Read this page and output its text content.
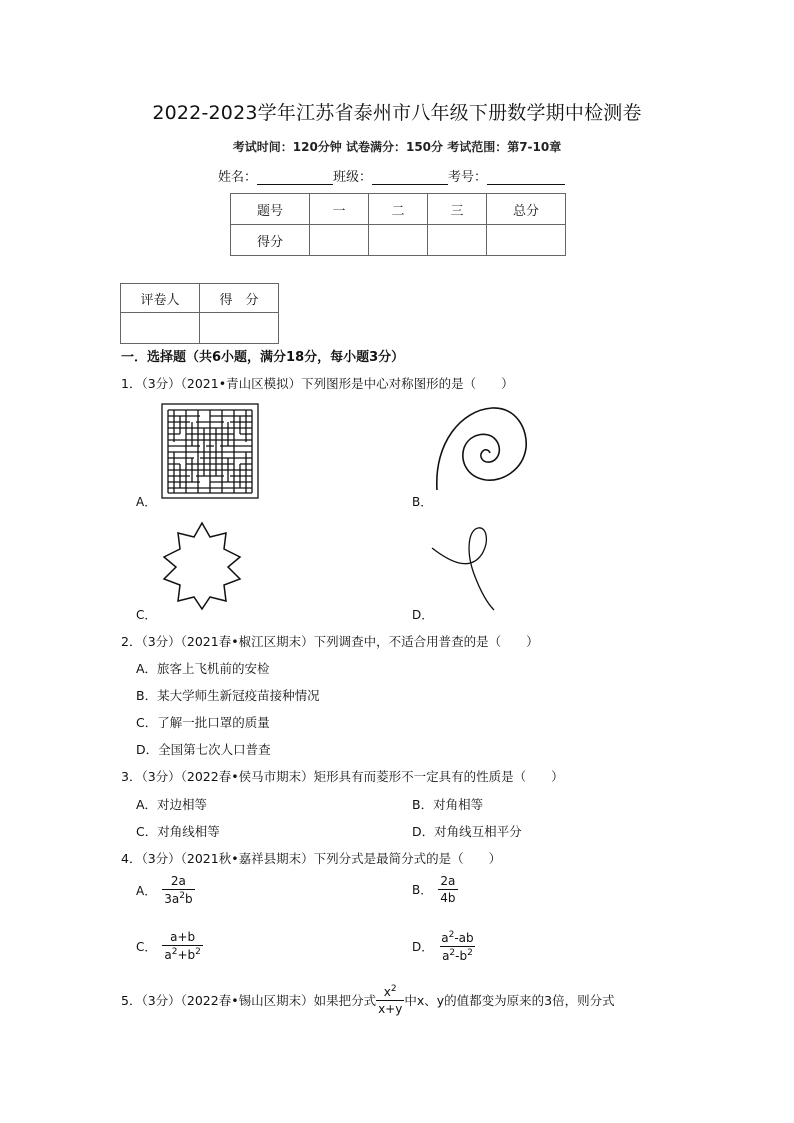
2022-2023学年江苏省泰州市八年级下册数学期中检测卷
考试时间：120分钟 试卷满分：150分 考试范围：第7-10章
姓名：	班级：	考号：
题号	一	二	三	总分
得分				
评卷人	得　分

一．选择题（共6小题，满分18分，每小题3分）
1．（3分）（2021•青山区模拟）下列图形是中心对称图形的是（　　）
A．	B．
C．	D．
2．（3分）（2021春•椒江区期末）下列调查中，不适合用普查的是（　　）
A．旅客上飞机前的安检
B．某大学师生新冠疫苗接种情况
C．了解一批口罩的质量
D．全国第七次人口普查
3．（3分）（2022春•侯马市期末）矩形具有而菱形不一定具有的性质是（　　）
A．对边相等	B．对角相等
C．对角线相等	D．对角线互相平分
4．（3分）（2021秋•嘉祥县期末）下列分式是最简分式的是（　　）
A． $\frac{2a}{3a^2b}$	B． $\frac{2a}{4b}$
C． $\frac{a+b}{a^2+b^2}$	D． $\frac{a^2-ab}{a^2-b^2}$
5．（3分）（2022春•锡山区期末）如果把分式 $\frac{x^2}{x+y}$ 中x、y的值都变为原来的3倍，则分式
